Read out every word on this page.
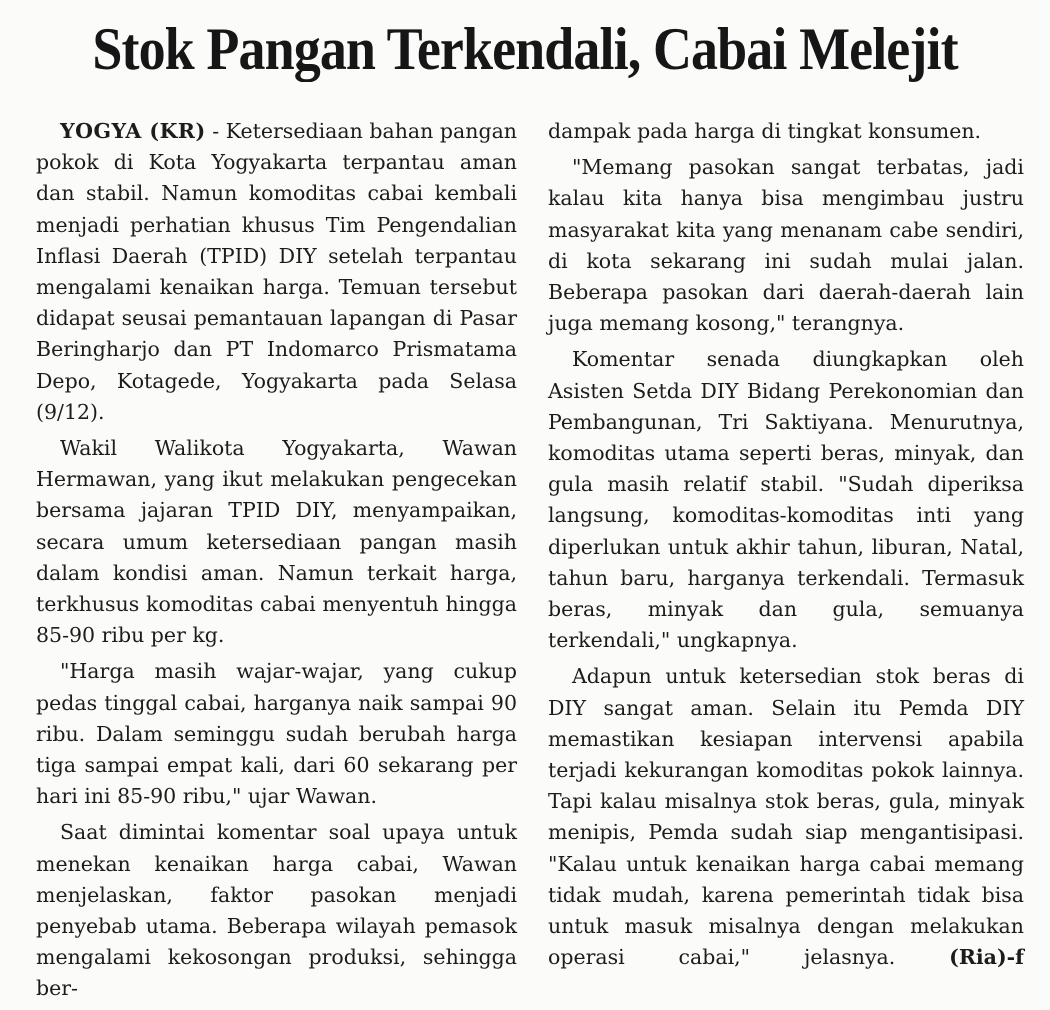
Stok Pangan Terkendali, Cabai Melejit

YOGYA (KR) - Ketersediaan bahan pangan pokok di Kota Yogyakarta terpantau aman dan stabil. Namun komoditas cabai kembali menjadi perhatian khusus Tim Pengendalian Inflasi Daerah (TPID) DIY setelah terpantau mengalami kenaikan harga. Temuan tersebut didapat seusai pemantauan lapangan di Pasar Beringharjo dan PT Indomarco Prismatama Depo, Kotagede, Yogyakarta pada Selasa (9/12).

Wakil Walikota Yogyakarta, Wawan Hermawan, yang ikut melakukan pengecekan bersama jajaran TPID DIY, menyampaikan, secara umum ketersediaan pangan masih dalam kondisi aman. Namun terkait harga, terkhusus komoditas cabai menyentuh hingga 85-90 ribu per kg.

"Harga masih wajar-wajar, yang cukup pedas tinggal cabai, harganya naik sampai 90 ribu. Dalam seminggu sudah berubah harga tiga sampai empat kali, dari 60 sekarang per hari ini 85-90 ribu," ujar Wawan.

Saat dimintai komentar soal upaya untuk menekan kenaikan harga cabai, Wawan menjelaskan, faktor pasokan menjadi penyebab utama. Beberapa wilayah pemasok mengalami kekosongan produksi, sehingga ber-

dampak pada harga di tingkat konsumen.

"Memang pasokan sangat terbatas, jadi kalau kita hanya bisa mengimbau justru masyarakat kita yang menanam cabe sendiri, di kota sekarang ini sudah mulai jalan. Beberapa pasokan dari daerah-daerah lain juga memang kosong," terangnya.

Komentar senada diungkapkan oleh Asisten Setda DIY Bidang Perekonomian dan Pembangunan, Tri Saktiyana. Menurutnya, komoditas utama seperti beras, minyak, dan gula masih relatif stabil. "Sudah diperiksa langsung, komoditas-komoditas inti yang diperlukan untuk akhir tahun, liburan, Natal, tahun baru, harganya terkendali. Termasuk beras, minyak dan gula, semuanya terkendali," ungkapnya.

Adapun untuk ketersedian stok beras di DIY sangat aman. Selain itu Pemda DIY memastikan kesiapan intervensi apabila terjadi kekurangan komoditas pokok lainnya. Tapi kalau misalnya stok beras, gula, minyak menipis, Pemda sudah siap mengantisipasi. "Kalau untuk kenaikan harga cabai memang tidak mudah, karena pemerintah tidak bisa untuk masuk misalnya dengan melakukan operasi cabai," jelasnya.	(Ria)-f
